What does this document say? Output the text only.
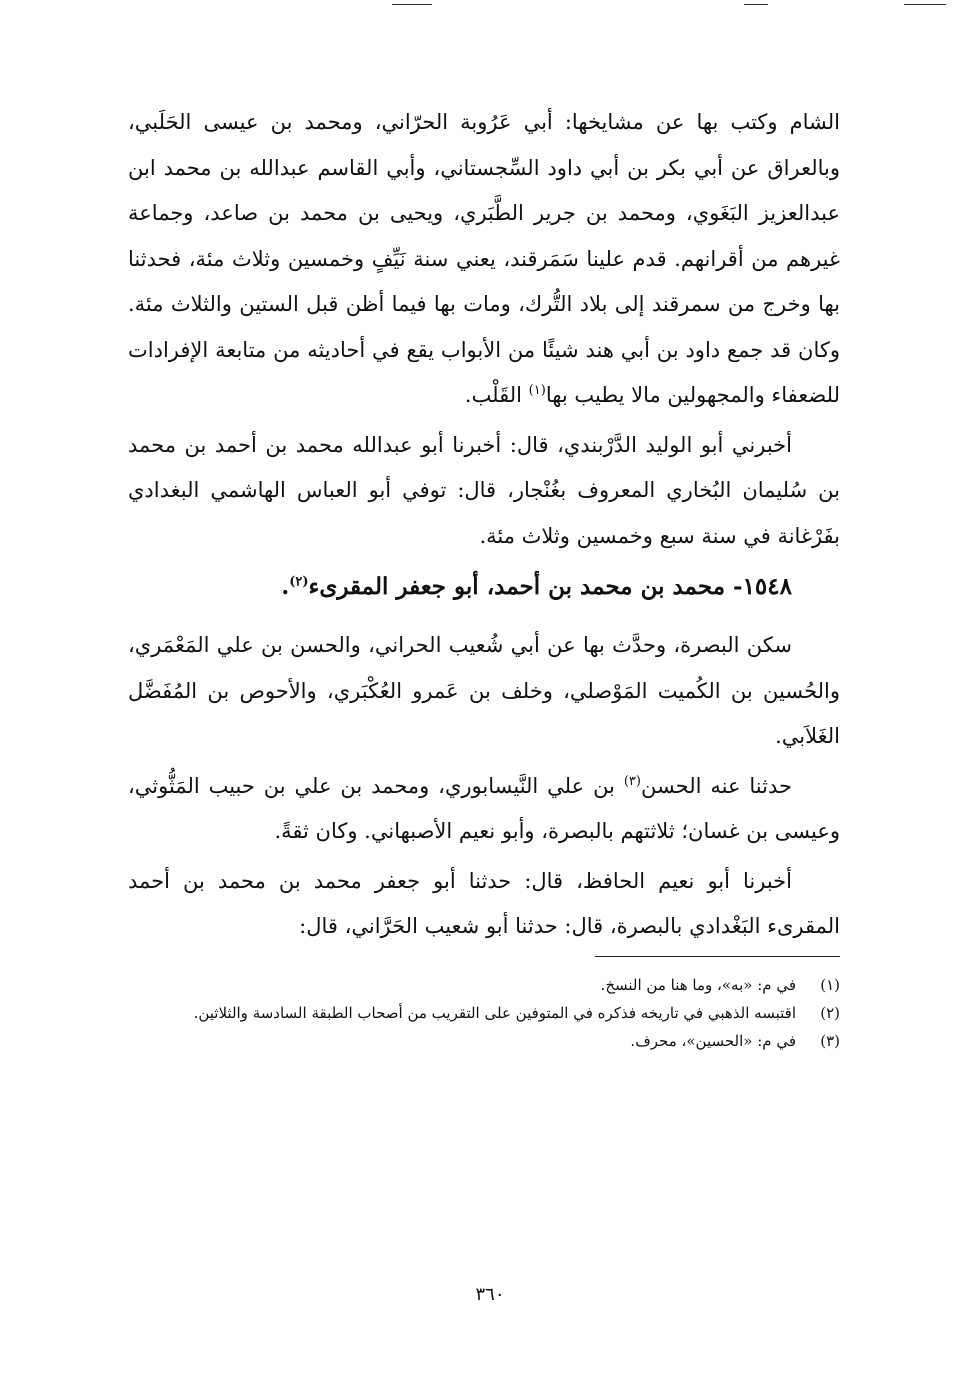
الشام وكتب بها عن مشايخها: أبي عَرُوبة الحرّاني، ومحمد بن عيسى الحَلَبي، وبالعراق عن أبي بكر بن أبي داود السِّجستاني، وأبي القاسم عبدالله بن محمد ابن عبدالعزيز البَغَوي، ومحمد بن جرير الطَّبَري، ويحيى بن محمد بن صاعد، وجماعة غيرهم من أقرانهم. قدم علينا سَمَرقند، يعني سنة نَيِّفٍ وخمسين وثلاث مئة، فحدثنا بها وخرج من سمرقند إلى بلاد التُّرك، ومات بها فيما أظن قبل الستين والثلاث مئة. وكان قد جمع داود بن أبي هند شيئًا من الأبواب يقع في أحاديثه من متابعة الإفرادات للضعفاء والمجهولين مالا يطيب بها$^{(١)}$ القَلْب.

أخبرني أبو الوليد الدَّرْبندي، قال: أخبرنا أبو عبدالله محمد بن أحمد بن محمد بن سُليمان البُخاري المعروف بغُنْجار، قال: توفي أبو العباس الهاشمي البغدادي بفَرْغانة في سنة سبع وخمسين وثلاث مئة.

١٥٤٨- محمد بن محمد بن أحمد، أبو جعفر المقرىء$^{(٢)}$.

سكن البصرة، وحدَّث بها عن أبي شُعيب الحراني، والحسن بن علي المَعْمَري، والحُسين بن الكُميت المَوْصلي، وخلف بن عَمرو العُكْبَري، والأحوص بن المُفَضَّل الغَلاَبي.

حدثنا عنه الحسن$^{(٣)}$ بن علي النَّيسابوري، ومحمد بن علي بن حبيب المَثُّوثي، وعيسى بن غسان؛ ثلاثتهم بالبصرة، وأبو نعيم الأصبهاني. وكان ثقةً.

أخبرنا أبو نعيم الحافظ، قال: حدثنا أبو جعفر محمد بن محمد بن أحمد المقرىء البَغْدادي بالبصرة، قال: حدثنا أبو شعيب الحَرَّاني، قال:

(١)
في م: «به»، وما هنا من النسخ.
(٢)
اقتبسه الذهبي في تاريخه فذكره في المتوفين على التقريب من أصحاب الطبقة السادسة والثلاثين.
(٣)
في م: «الحسين»، محرف.
٣٦٠
